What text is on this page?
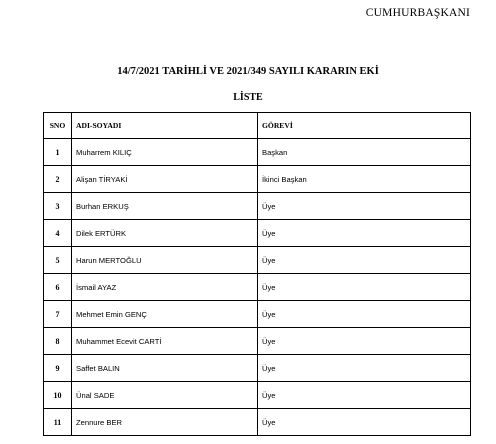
CUMHURBAŞKANI
14/7/2021 TARİHLİ VE 2021/349 SAYILI KARARIN EKİ
LİSTE
SNO	ADI-SOYADI	GÖREVİ
1	Muharrem KILIÇ	Başkan
2	Alişan TİRYAKİ	İkinci Başkan
3	Burhan ERKUŞ	Üye
4	Dilek ERTÜRK	Üye
5	Harun MERTOĞLU	Üye
6	İsmail AYAZ	Üye
7	Mehmet Emin GENÇ	Üye
8	Muhammet Ecevit CARTİ	Üye
9	Saffet BALIN	Üye
10	Ünal SADE	Üye
11	Zennure BER	Üye
